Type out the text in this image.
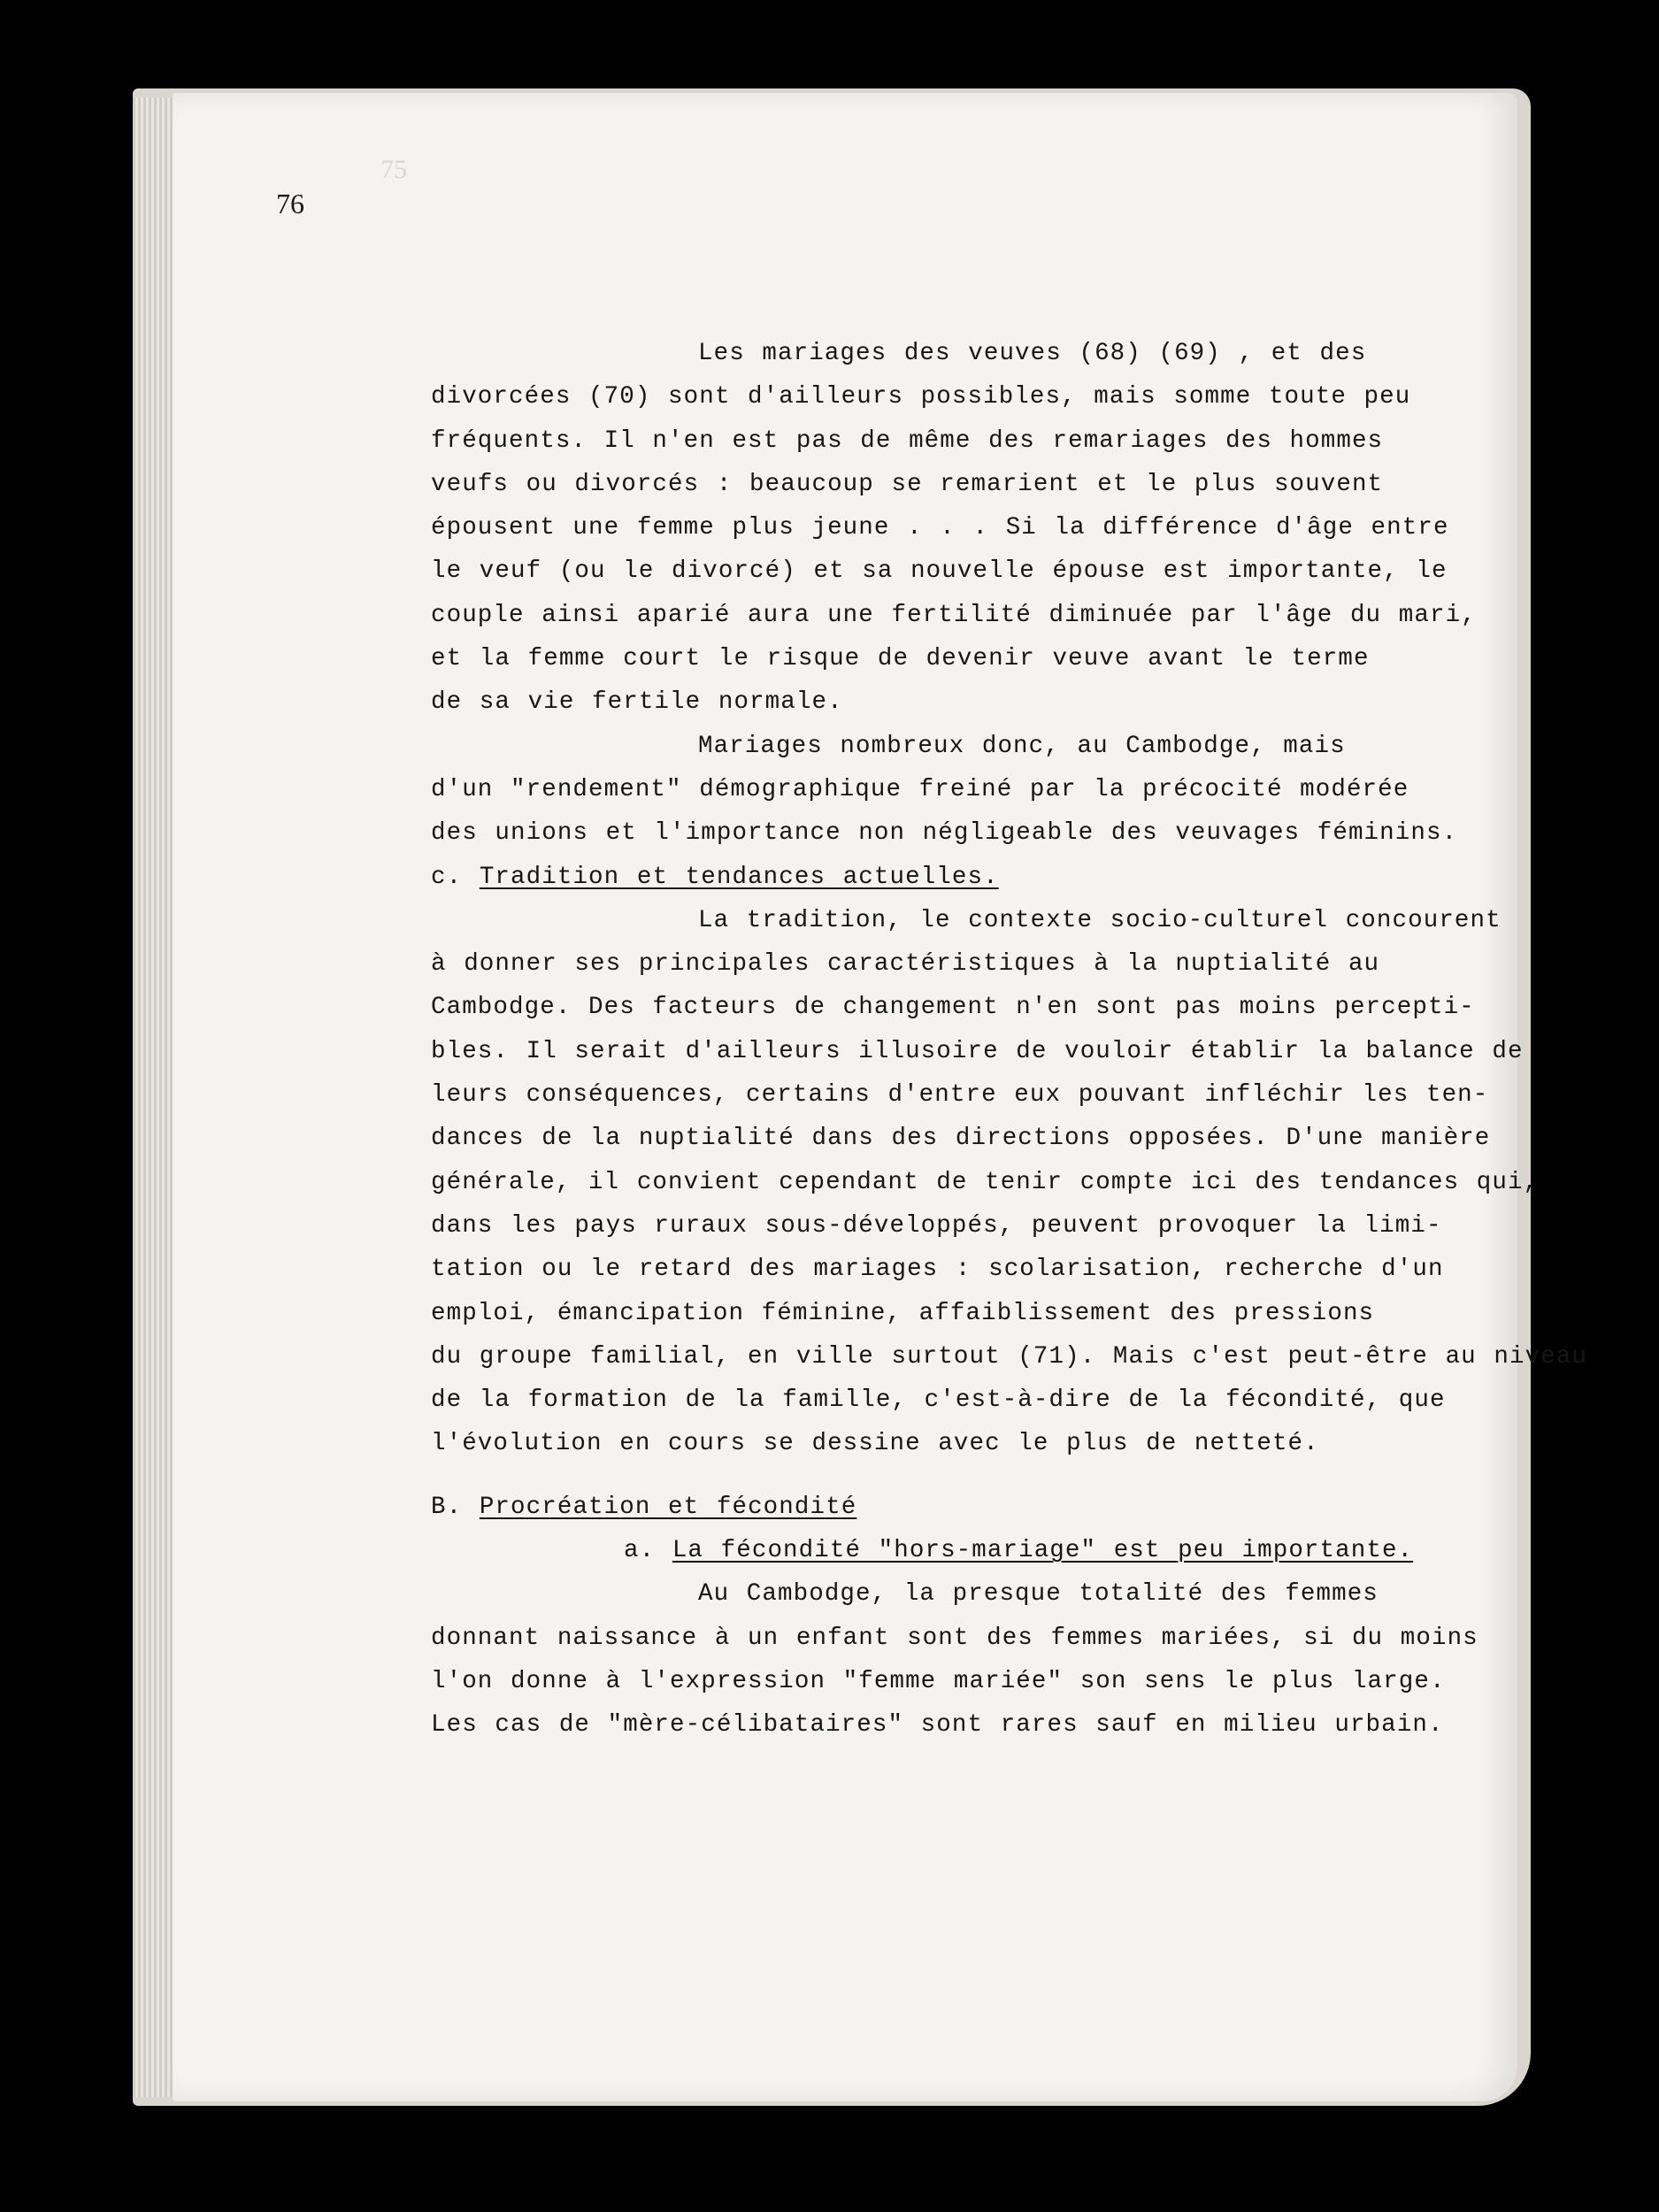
75
76
Les mariages des veuves (68) (69) , et des
divorcées (70) sont d'ailleurs possibles, mais somme toute peu
fréquents. Il n'en est pas de même des remariages des hommes
veufs ou divorcés : beaucoup se remarient et le plus souvent
épousent une femme plus jeune . . . Si la différence d'âge entre
le veuf (ou le divorcé) et sa nouvelle épouse est importante, le
couple ainsi aparié aura une fertilité diminuée par l'âge du mari,
et la femme court le risque de devenir veuve avant le terme
de sa vie fertile normale.
Mariages nombreux donc, au Cambodge, mais
d'un "rendement" démographique freiné par la précocité modérée
des unions et l'importance non négligeable des veuvages féminins.
c. Tradition et tendances actuelles.
La tradition, le contexte socio-culturel concourent
à donner ses principales caractéristiques à la nuptialité au
Cambodge. Des facteurs de changement n'en sont pas moins percepti-
bles. Il serait d'ailleurs illusoire de vouloir établir la balance de
leurs conséquences, certains d'entre eux pouvant infléchir les ten-
dances de la nuptialité dans des directions opposées. D'une manière
générale, il convient cependant de tenir compte ici des tendances qui,
dans les pays ruraux sous-développés, peuvent provoquer la limi-
tation ou le retard des mariages : scolarisation, recherche d'un
emploi, émancipation féminine, affaiblissement des pressions
du groupe familial, en ville surtout (71). Mais c'est peut-être au niveau
de la formation de la famille, c'est-à-dire de la fécondité, que
l'évolution en cours se dessine avec le plus de netteté.
B. Procréation et fécondité
a. La fécondité "hors-mariage" est peu importante.
Au Cambodge, la presque totalité des femmes
donnant naissance à un enfant sont des femmes mariées, si du moins
l'on donne à l'expression "femme mariée" son sens le plus large.
Les cas de "mère-célibataires" sont rares sauf en milieu urbain.
